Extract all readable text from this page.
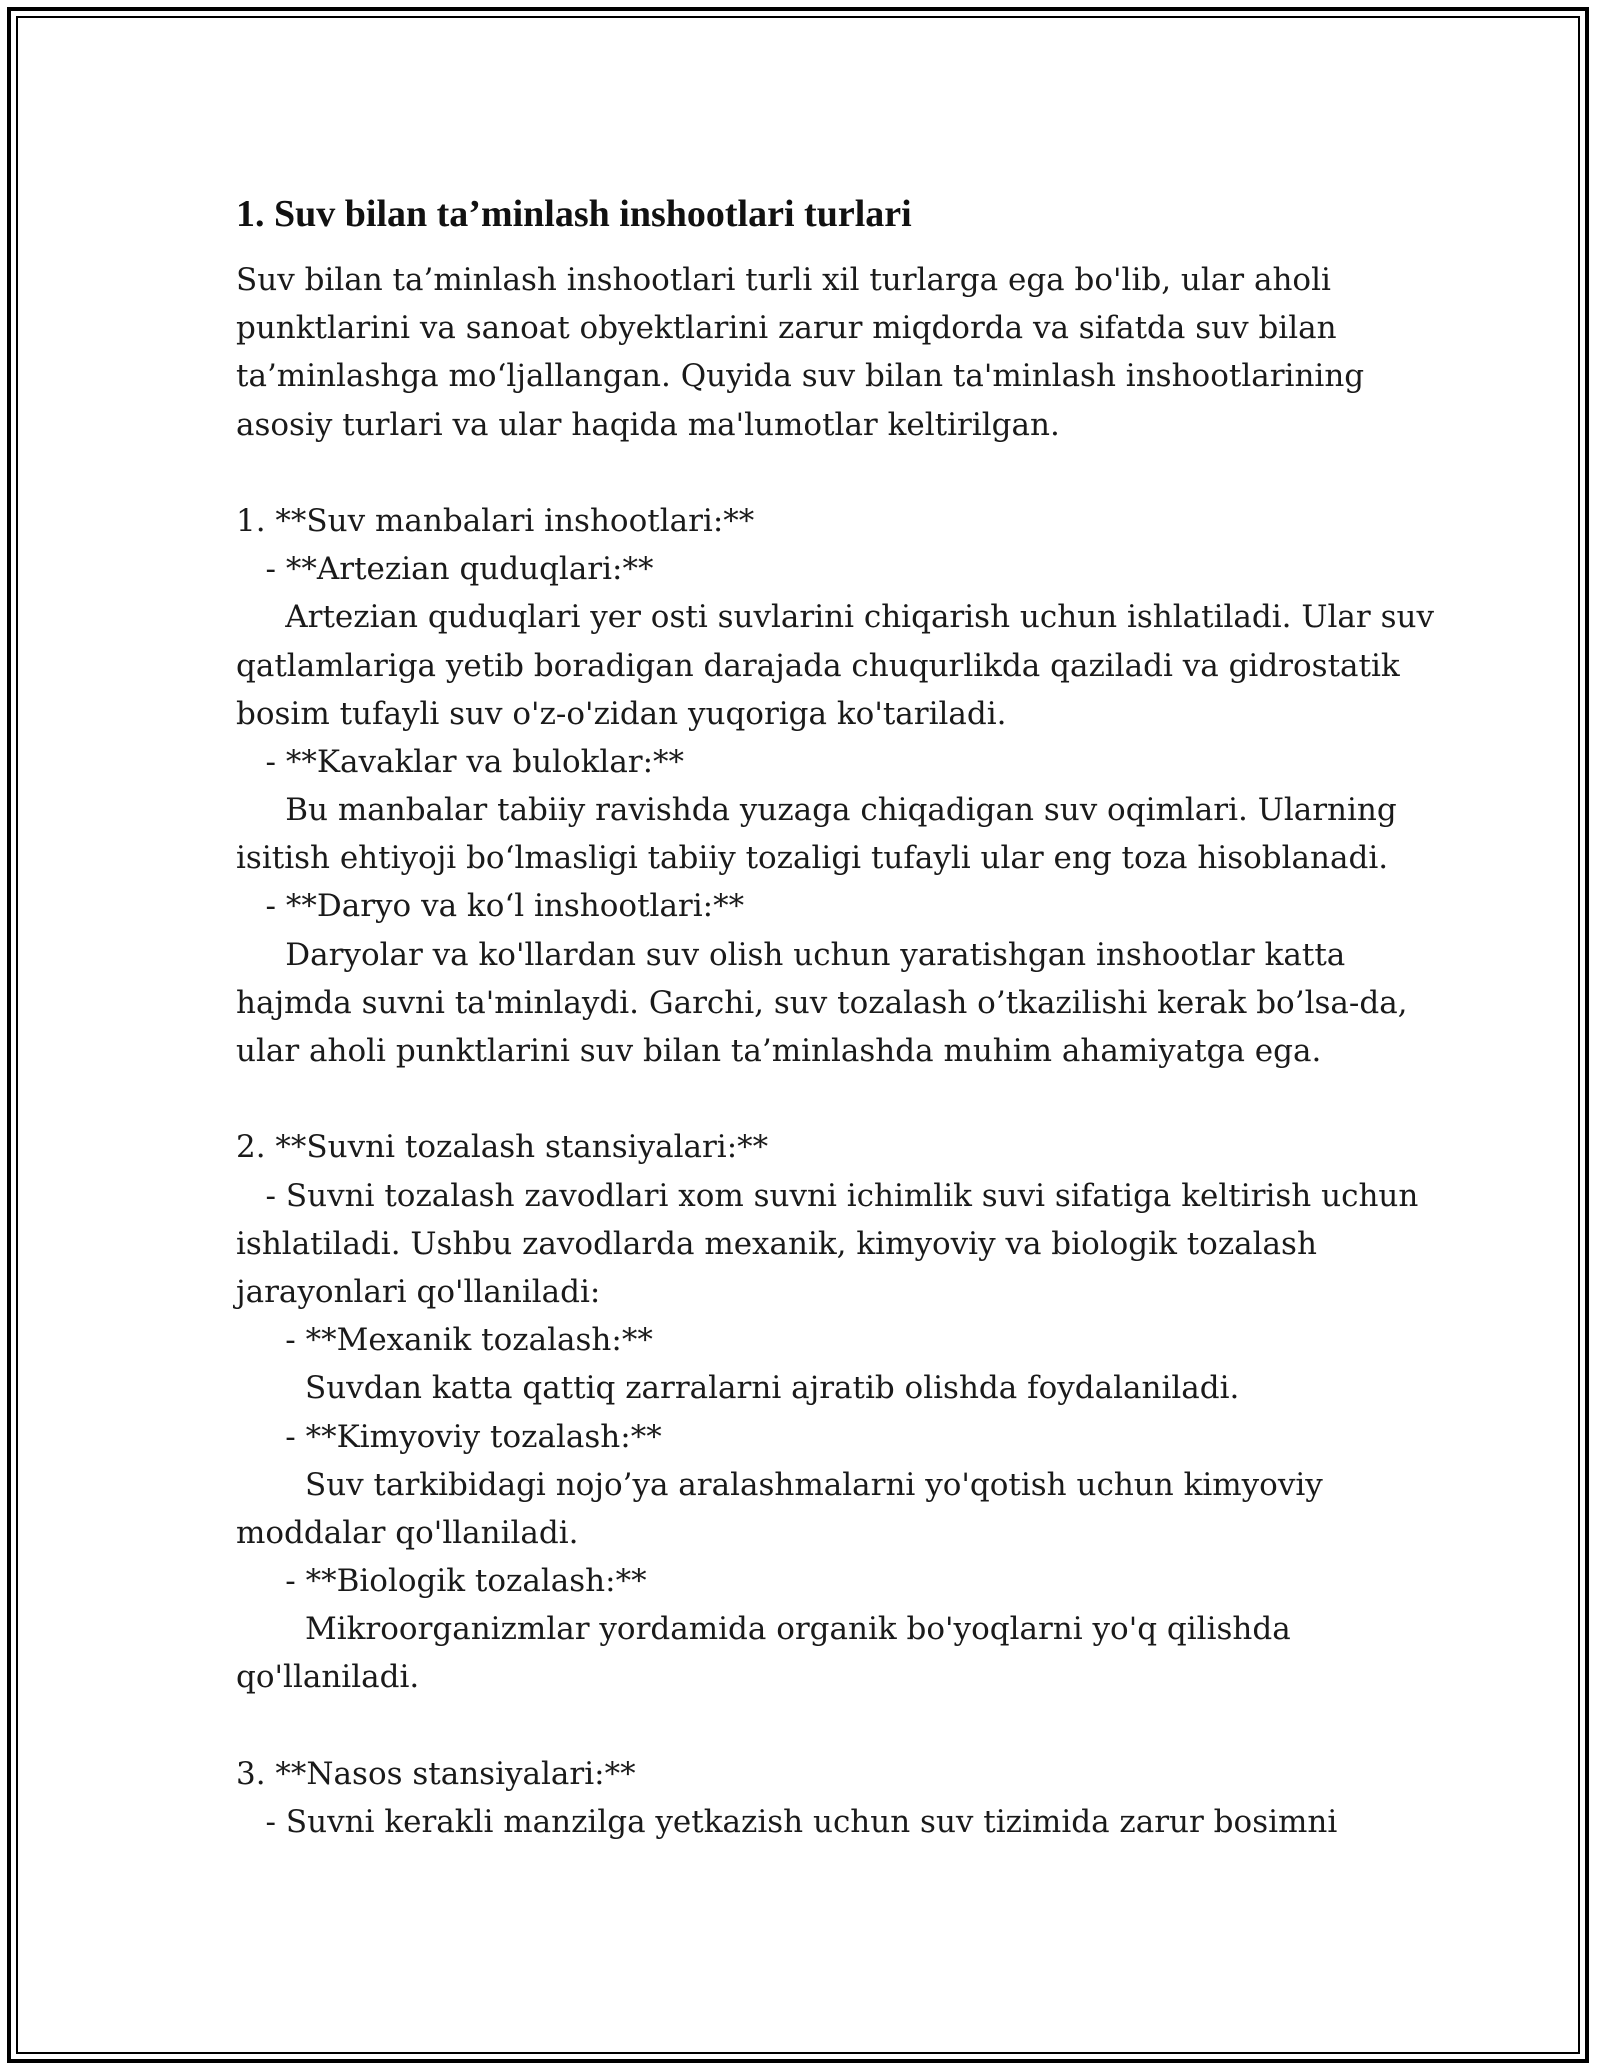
1. Suv bilan ta’minlash inshootlari turlari
Suv bilan ta’minlash inshootlari turli xil turlarga ega bo'lib, ular aholi
punktlarini va sanoat obyektlarini zarur miqdorda va sifatda suv bilan
ta’minlashga moʻljallangan. Quyida suv bilan ta'minlash inshootlarining
asosiy turlari va ular haqida ma'lumotlar keltirilgan.
1. **Suv manbalari inshootlari:**
- **Artezian quduqlari:**
Artezian quduqlari yer osti suvlarini chiqarish uchun ishlatiladi. Ular suv
qatlamlariga yetib boradigan darajada chuqurlikda qaziladi va gidrostatik
bosim tufayli suv o'z-o'zidan yuqoriga ko'tariladi.
- **Kavaklar va buloklar:**
Bu manbalar tabiiy ravishda yuzaga chiqadigan suv oqimlari. Ularning
isitish ehtiyoji boʻlmasligi tabiiy tozaligi tufayli ular eng toza hisoblanadi.
- **Daryo va koʻl inshootlari:**
Daryolar va ko'llardan suv olish uchun yaratishgan inshootlar katta
hajmda suvni ta'minlaydi. Garchi, suv tozalash o’tkazilishi kerak bo’lsa-da,
ular aholi punktlarini suv bilan ta’minlashda muhim ahamiyatga ega.
2. **Suvni tozalash stansiyalari:**
- Suvni tozalash zavodlari xom suvni ichimlik suvi sifatiga keltirish uchun
ishlatiladi. Ushbu zavodlarda mexanik, kimyoviy va biologik tozalash
jarayonlari qo'llaniladi:
- **Mexanik tozalash:**
Suvdan katta qattiq zarralarni ajratib olishda foydalaniladi.
- **Kimyoviy tozalash:**
Suv tarkibidagi nojo’ya aralashmalarni yo'qotish uchun kimyoviy
moddalar qo'llaniladi.
- **Biologik tozalash:**
Mikroorganizmlar yordamida organik bo'yoqlarni yo'q qilishda
qo'llaniladi.
3. **Nasos stansiyalari:**
- Suvni kerakli manzilga yetkazish uchun suv tizimida zarur bosimni
